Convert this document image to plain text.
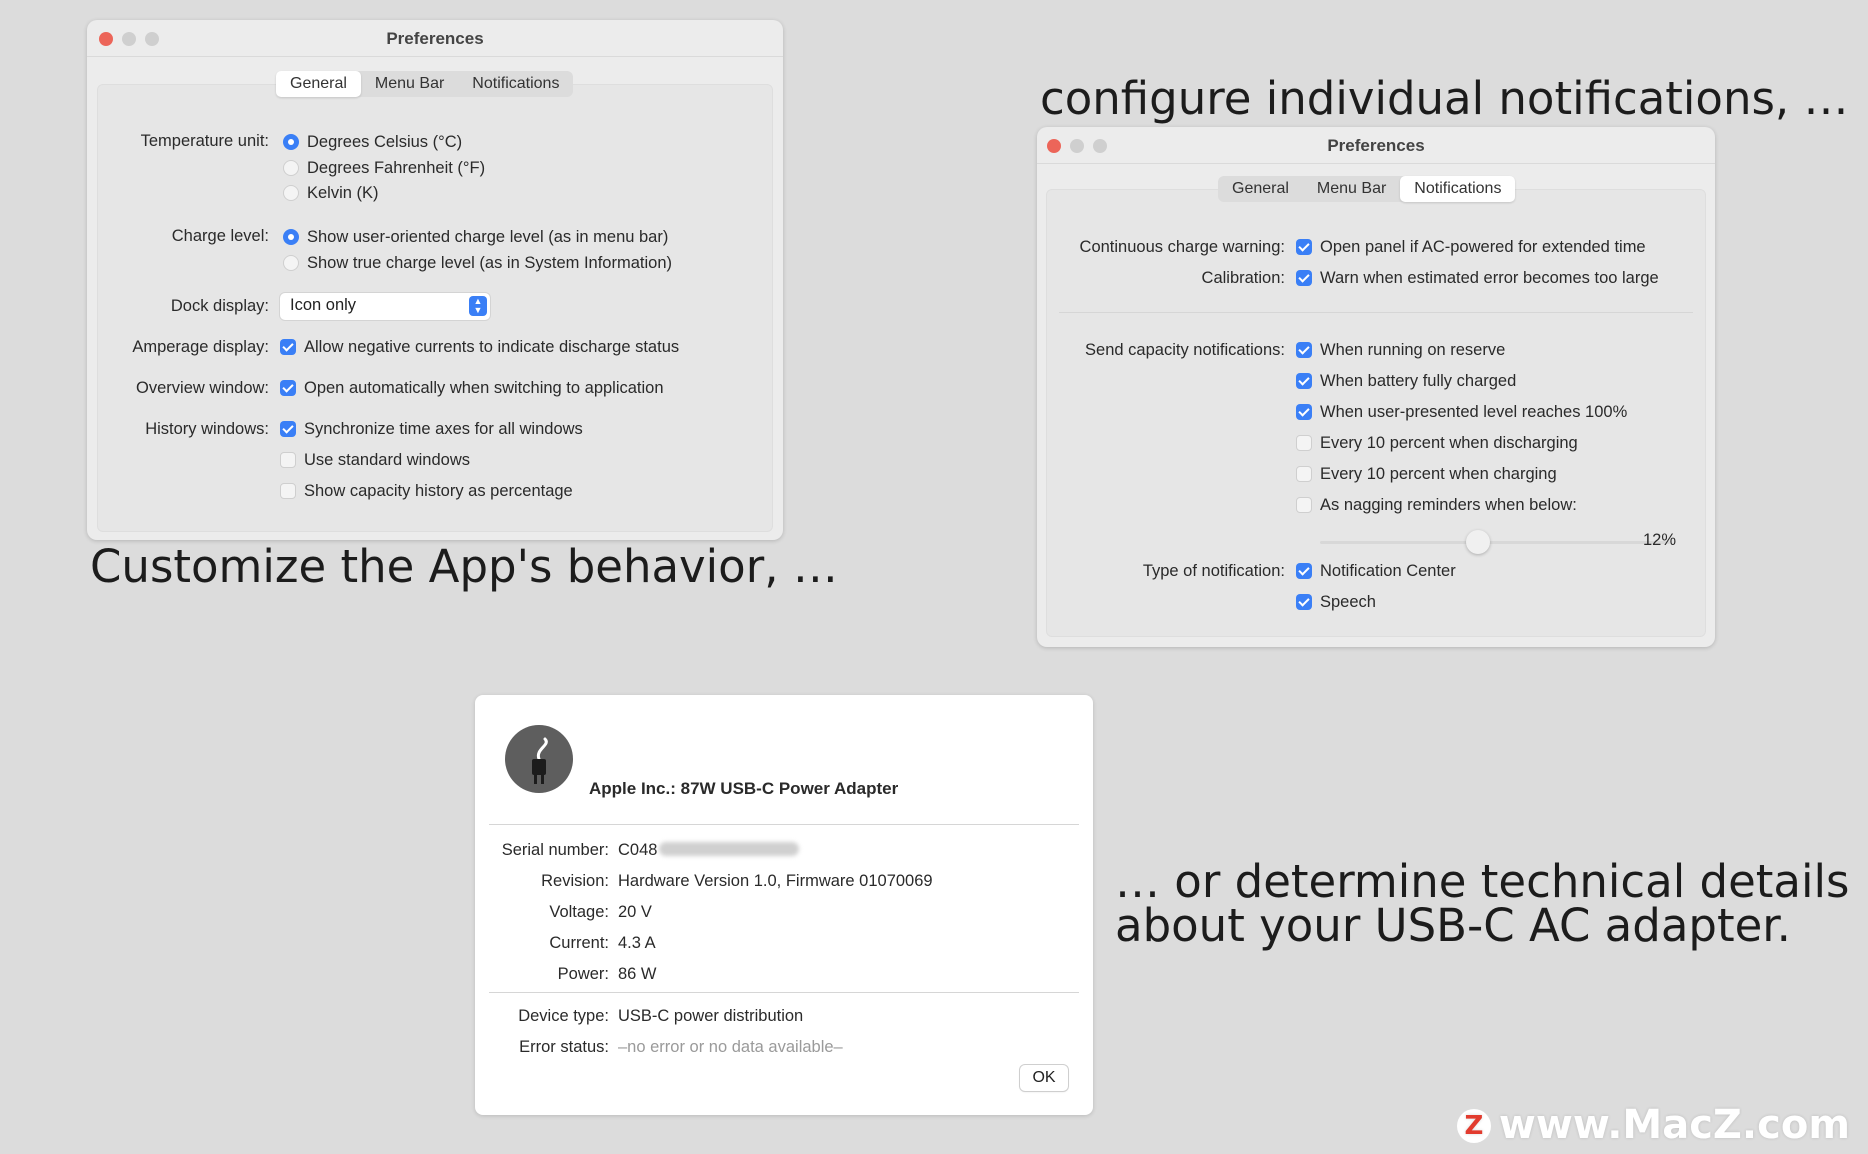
Preferences
General	Menu Bar	Notifications
Temperature unit:	Degrees Celsius (°C)
Degrees Fahrenheit (°F)
Kelvin (K)
Charge level:	Show user-oriented charge level (as in menu bar)
Show true charge level (as in System Information)
Dock display:	Icon only	▲
▼
Amperage display:	Allow negative currents to indicate discharge status
Overview window:	Open automatically when switching to application
History windows:	Synchronize time axes for all windows
Use standard windows
Show capacity history as percentage
Customize the App's behavior, …
configure individual notifications, …
Preferences
General	Menu Bar	Notifications
Continuous charge warning:	Open panel if AC-powered for extended time
Calibration:	Warn when estimated error becomes too large
Send capacity notifications:	When running on reserve
When battery fully charged
When user-presented level reaches 100%
Every 10 percent when discharging
Every 10 percent when charging
As nagging reminders when below:
12%
Type of notification:	Notification Center
Speech
Apple Inc.: 87W USB-C Power Adapter
Serial number: C048
Revision: Hardware Version 1.0, Firmware 01070069
Voltage: 20 V
Current: 4.3 A
Power: 86 W
Device type: USB-C power distribution
Error status: –no error or no data available–
OK
… or determine technical details
about your USB-C AC adapter.
Z www.MacZ.com
